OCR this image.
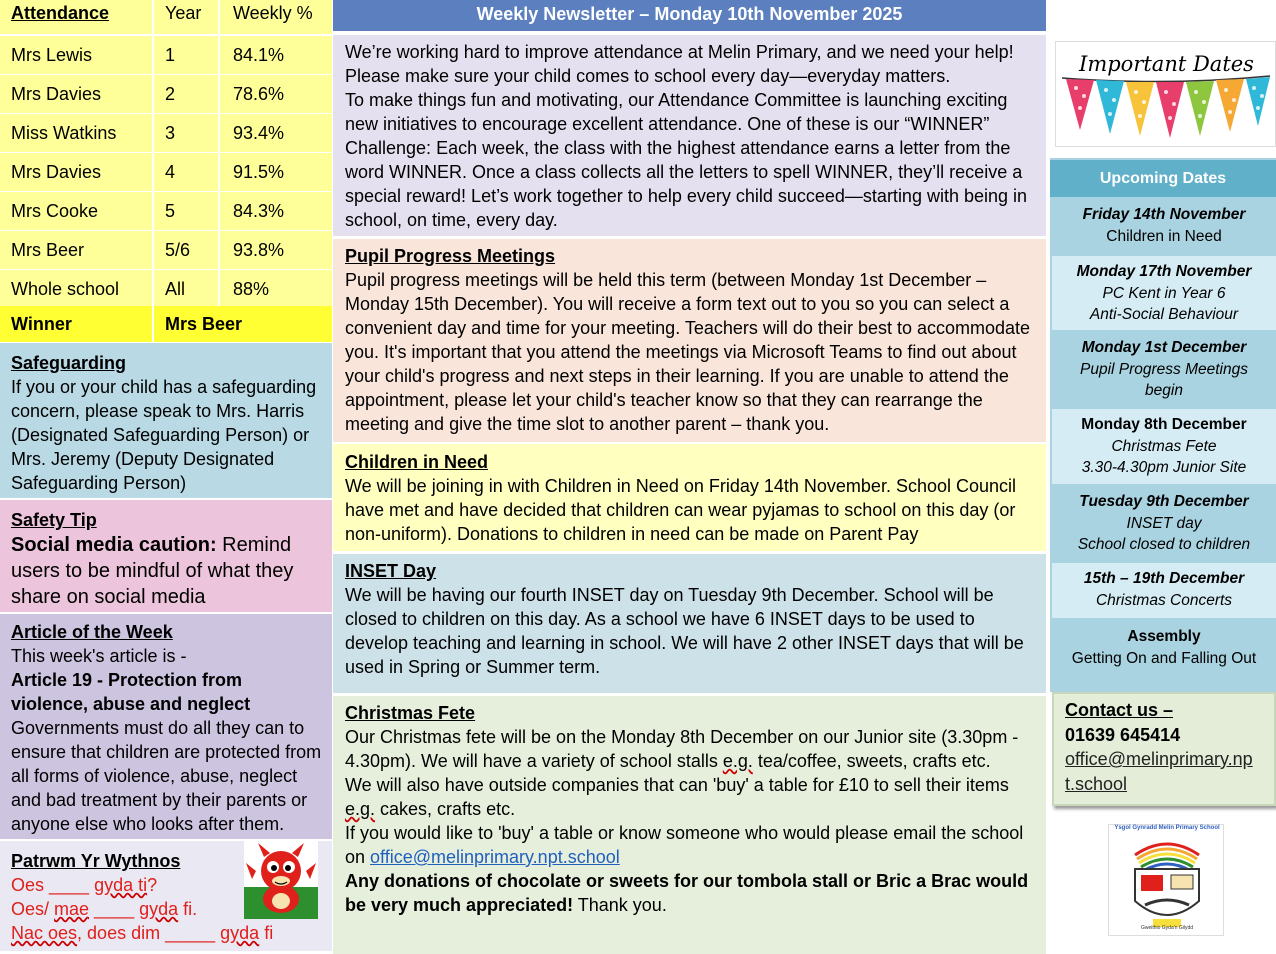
Attendance	Year	Weekly %
Mrs Lewis	1	84.1%
Mrs Davies	2	78.6%
Miss Watkins	3	93.4%
Mrs Davies	4	91.5%
Mrs Cooke	5	84.3%
Mrs Beer	5/6	93.8%
Whole school	All	88%
Winner	Mrs Beer
Safeguarding
If you or your child has a safeguarding concern, please speak to Mrs. Harris (Designated Safeguarding Person) or Mrs. Jeremy (Deputy Designated Safeguarding Person)
Safety Tip
Social media caution: Remind users to be mindful of what they share on social media
Article of the Week
This week's article is -
Article 19 - Protection from violence, abuse and neglect Governments must do all they can to ensure that children are protected from all forms of violence, abuse, neglect and bad treatment by their parents or anyone else who looks after them.
Patrwm Yr Wythnos
Oes ____ gyda ti?
Oes/ mae ____ gyda fi.
Nac oes, does dim _____ gyda fi
Weekly Newsletter – Monday 10th November 2025

We’re working hard to improve attendance at Melin Primary, and we need your help! Please make sure your child comes to school every day—everyday matters.

To make things fun and motivating, our Attendance Committee is launching exciting new initiatives to encourage excellent attendance. One of these is our “WINNER” Challenge: Each week, the class with the highest attendance earns a letter from the word WINNER. Once a class collects all the letters to spell WINNER, they’ll receive a special reward! Let’s work together to help every child succeed—starting with being in school, on time, every day.

Pupil Progress Meetings

Pupil progress meetings will be held this term (between Monday 1st December – Monday 15th December). You will receive a form text out to you so you can select a convenient day and time for your meeting. Teachers will do their best to accommodate you. It's important that you attend the meetings via Microsoft Teams to find out about your child's progress and next steps in their learning. If you are unable to attend the appointment, please let your child's teacher know so that they can rearrange the meeting and give the time slot to another parent – thank you.

Children in Need

We will be joining in with Children in Need on Friday 14th November. School Council have met and have decided that children can wear pyjamas to school on this day (or non-uniform). Donations to children in need can be made on Parent Pay

INSET Day

We will be having our fourth INSET day on Tuesday 9th December. School will be closed to children on this day. As a school we have 6 INSET days to be used to develop teaching and learning in school. We will have 2 other INSET days that will be used in Spring or Summer term.

Christmas Fete

Our Christmas fete will be on the Monday 8th December on our Junior site (3.30pm - 4.30pm). We will have a variety of school stalls e.g. tea/coffee, sweets, crafts etc.

We will also have outside companies that can 'buy' a table for £10 to sell their items e.g. cakes, crafts etc.

If you would like to 'buy' a table or know someone who would please email the school on office@melinprimary.npt.school

Any donations of chocolate or sweets for our tombola stall or Bric a Brac would be very much appreciated! Thank you.

Important Dates
Upcoming Dates
Friday 14th November
Children in Need
Monday 17th November
PC Kent in Year 6
Anti-Social Behaviour
Monday 1st December
Pupil Progress Meetings
begin
Monday 8th December
Christmas Fete
3.30-4.30pm Junior Site
Tuesday 9th December
INSET day
School closed to children
15th – 19th December
Christmas Concerts
Assembly
Getting On and Falling Out
Contact us –
01639 645414
office@melinprimary.np
t.school
Ysgol Gynradd Melin Primary School
Gweithio Gyda'n Gilydd
